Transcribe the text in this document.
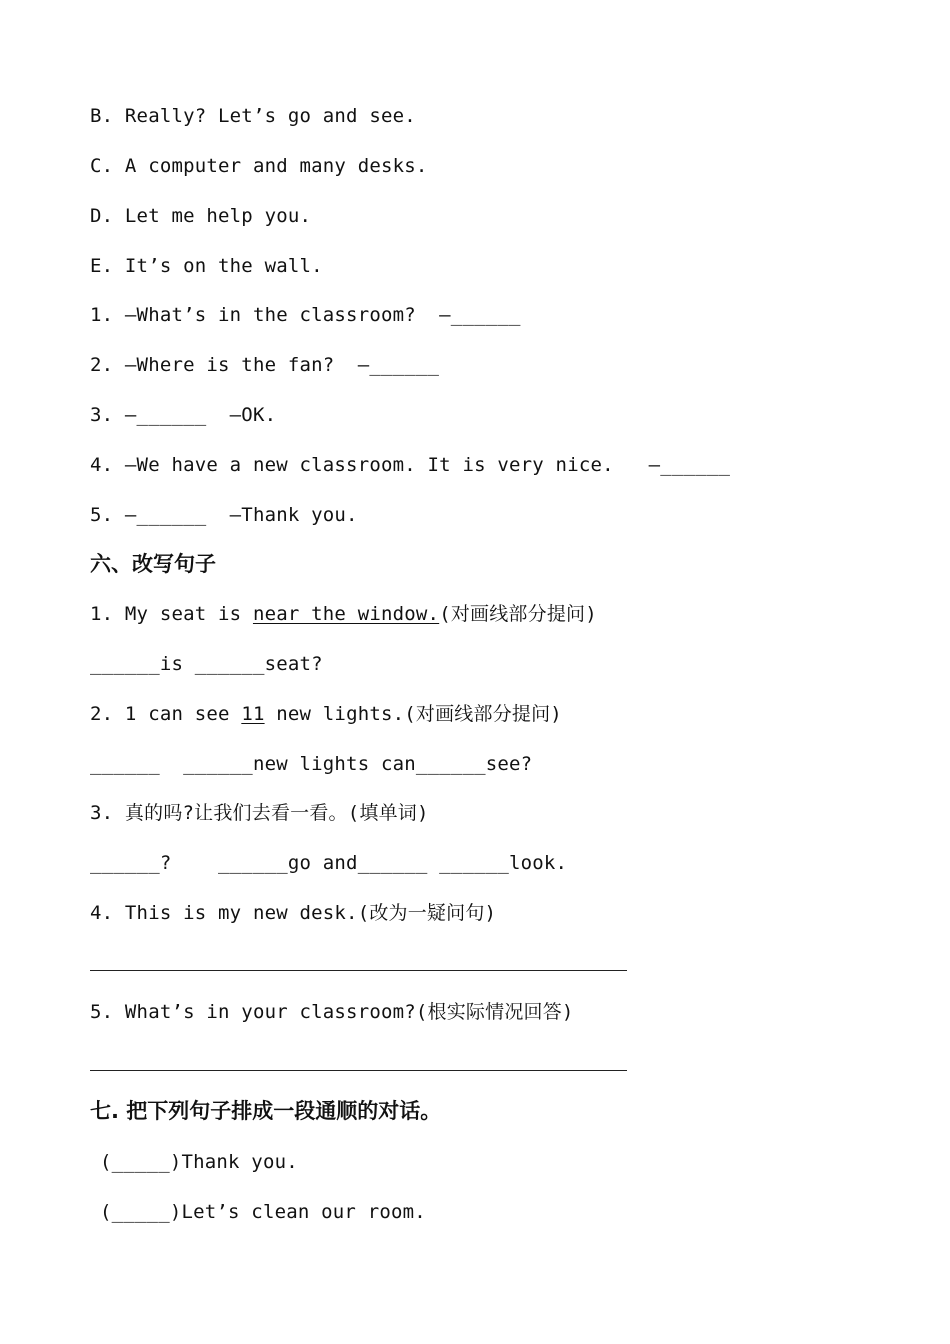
B. Really? Let’s go and see.
C. A computer and many desks.
D. Let me help you.
E. It’s on the wall.
1. —What’s in the classroom?  —______
2. —Where is the fan?  —______
3. —______  —OK.
4. —We have a new classroom. It is very nice.   —______
5. —______  —Thank you.
六、改写句子
1. My seat is near the window.(对画线部分提问)
______is ______seat?
2. 1 can see 11 new lights.(对画线部分提问)
______  ______new lights can______see?
3. 真的吗?让我们去看一看。(填单词)
______?    ______go and______ ______look.
4. This is my new desk.(改为一疑问句)
5. What’s in your classroom?(根实际情况回答)
七. 把下列句子排成一段通顺的对话。
(_____)Thank you.
(_____)Let’s clean our room.
